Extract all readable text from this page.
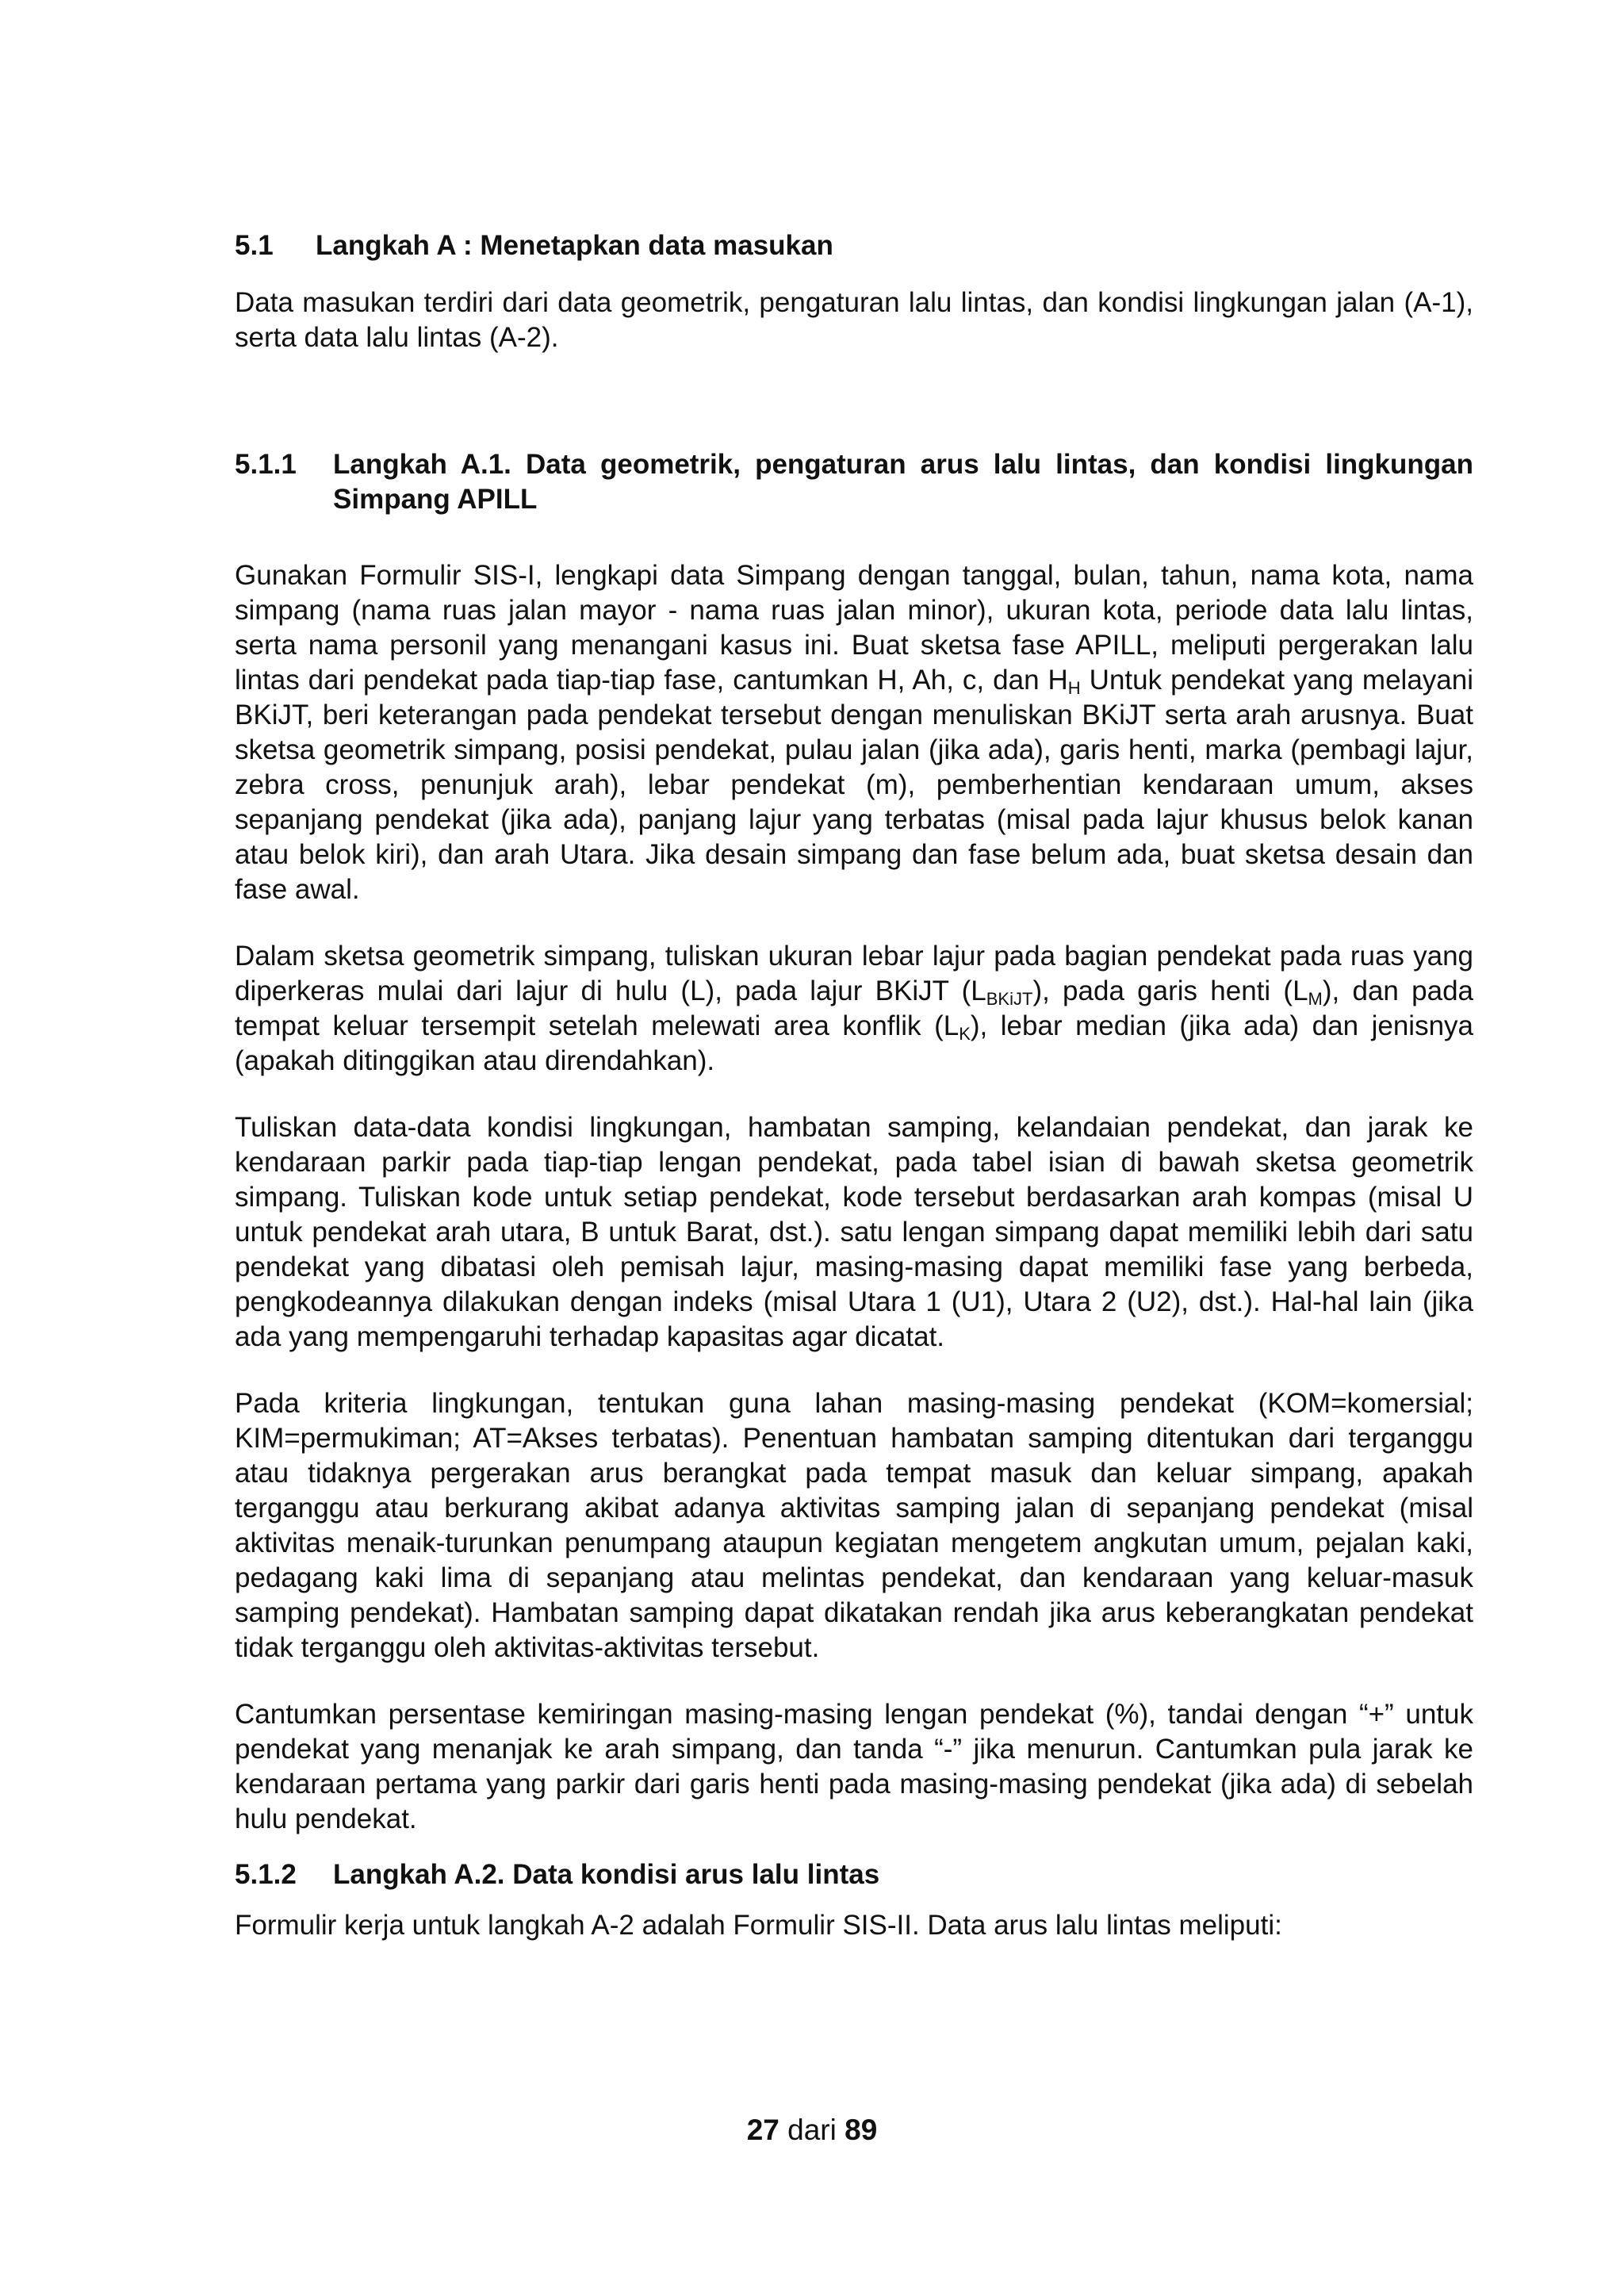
5.1	Langkah A : Menetapkan data masukan

Data masukan terdiri dari data geometrik, pengaturan lalu lintas, dan kondisi lingkungan jalan (A-1), serta data lalu lintas (A-2).

5.1.1	Langkah A.1. Data geometrik, pengaturan arus lalu lintas, dan kondisi lingkungan Simpang APILL

Gunakan Formulir SIS-I, lengkapi data Simpang dengan tanggal, bulan, tahun, nama kota, nama simpang (nama ruas jalan mayor - nama ruas jalan minor), ukuran kota, periode data lalu lintas, serta nama personil yang menangani kasus ini. Buat sketsa fase APILL, meliputi pergerakan lalu lintas dari pendekat pada tiap-tiap fase, cantumkan H, Ah, c, dan $H_H$ Untuk pendekat yang melayani BKiJT, beri keterangan pada pendekat tersebut dengan menuliskan BKiJT serta arah arusnya. Buat sketsa geometrik simpang, posisi pendekat, pulau jalan (jika ada), garis henti, marka (pembagi lajur, zebra cross, penunjuk arah), lebar pendekat (m), pemberhentian kendaraan umum, akses sepanjang pendekat (jika ada), panjang lajur yang terbatas (misal pada lajur khusus belok kanan atau belok kiri), dan arah Utara. Jika desain simpang dan fase belum ada, buat sketsa desain dan fase awal.

Dalam sketsa geometrik simpang, tuliskan ukuran lebar lajur pada bagian pendekat pada ruas yang diperkeras mulai dari lajur di hulu (L), pada lajur BKiJT $(L_{BKiJT})$, pada garis henti $(L_M)$, dan pada tempat keluar tersempit setelah melewati area konflik $(L_K)$, lebar median (jika ada) dan jenisnya (apakah ditinggikan atau direndahkan).

Tuliskan data-data kondisi lingkungan, hambatan samping, kelandaian pendekat, dan jarak ke kendaraan parkir pada tiap-tiap lengan pendekat, pada tabel isian di bawah sketsa geometrik simpang. Tuliskan kode untuk setiap pendekat, kode tersebut berdasarkan arah kompas (misal U untuk pendekat arah utara, B untuk Barat, dst.). satu lengan simpang dapat memiliki lebih dari satu pendekat yang dibatasi oleh pemisah lajur, masing-masing dapat memiliki fase yang berbeda, pengkodeannya dilakukan dengan indeks (misal Utara 1 (U1), Utara 2 (U2), dst.). Hal-hal lain (jika ada yang mempengaruhi terhadap kapasitas agar dicatat.

Pada kriteria lingkungan, tentukan guna lahan masing-masing pendekat (KOM=komersial; KIM=permukiman; AT=Akses terbatas). Penentuan hambatan samping ditentukan dari terganggu atau tidaknya pergerakan arus berangkat pada tempat masuk dan keluar simpang, apakah terganggu atau berkurang akibat adanya aktivitas samping jalan di sepanjang pendekat (misal aktivitas menaik-turunkan penumpang ataupun kegiatan mengetem angkutan umum, pejalan kaki, pedagang kaki lima di sepanjang atau melintas pendekat, dan kendaraan yang keluar-masuk samping pendekat). Hambatan samping dapat dikatakan rendah jika arus keberangkatan pendekat tidak terganggu oleh aktivitas-aktivitas tersebut.

Cantumkan persentase kemiringan masing-masing lengan pendekat (%), tandai dengan “+” untuk pendekat yang menanjak ke arah simpang, dan tanda “-” jika menurun. Cantumkan pula jarak ke kendaraan pertama yang parkir dari garis henti pada masing-masing pendekat (jika ada) di sebelah hulu pendekat.

5.1.2	Langkah A.2. Data kondisi arus lalu lintas

Formulir kerja untuk langkah A-2 adalah Formulir SIS-II. Data arus lalu lintas meliputi:

27 dari 89
